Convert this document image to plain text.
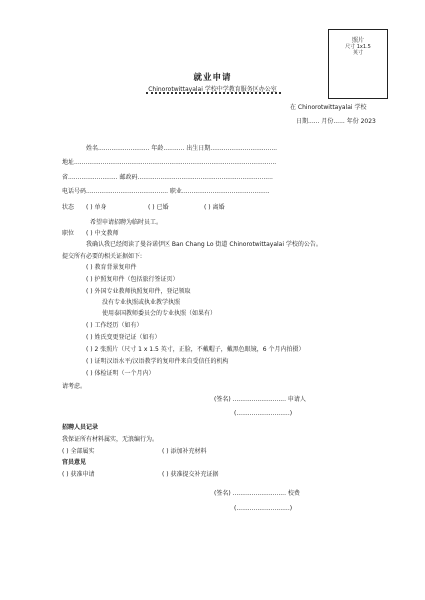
照片
尺寸 1x1.5
英寸
就业申请
Chinorotwittayalai 学校中学教育服务区办公室
在 Chinorotwittayalai 学校
日期...... 月份...... 年份 2023
姓名........................... 年龄........... 出生日期...................................
地址..........................................................................................................
省.......................... 邮政码.......................................................................
电话号码........................................... 职业..............................................
状态 ( ) 单身	( ) 已婚	( ) 离婚
希望申请招聘为临时员工。
职位 ( ) 中文教师
我确认我已经阅读了曼谷诺伊区 Ban Chang Lo 街道 Chinorotwittayalai 学校的公告。
提交所有必要的相关证据如下:
( ) 教育背景复印件
( ) 护照复印件（包括旅行签证页）
( ) 外国专业教师执照复印件，登记领取
没有专业执照或执业教学执照
使用泰国教师委员会的专业执照（如果有）
( ) 工作经历（如有）
( ) 姓氏变更登记证（如有）
( ) 2 张照片（尺寸 1 x 1.5 英寸，正脸，不戴帽子，戴黑色眼镜，6 个月内拍摄）
( ) 证明汉语水平/汉语教学的复印件来自受信任的机构
( ) 体检证明（一个月内）
请考虑。
(签名) ............................ 申请人
(............................)
招聘人员记录
我保证所有材料属实，无浪编行为。
( ) 全部属实	( ) 添加补充材料
官员意见
( ) 获准申请	( ) 获准提交补充证据
(签名) ............................ 校费
(............................)
